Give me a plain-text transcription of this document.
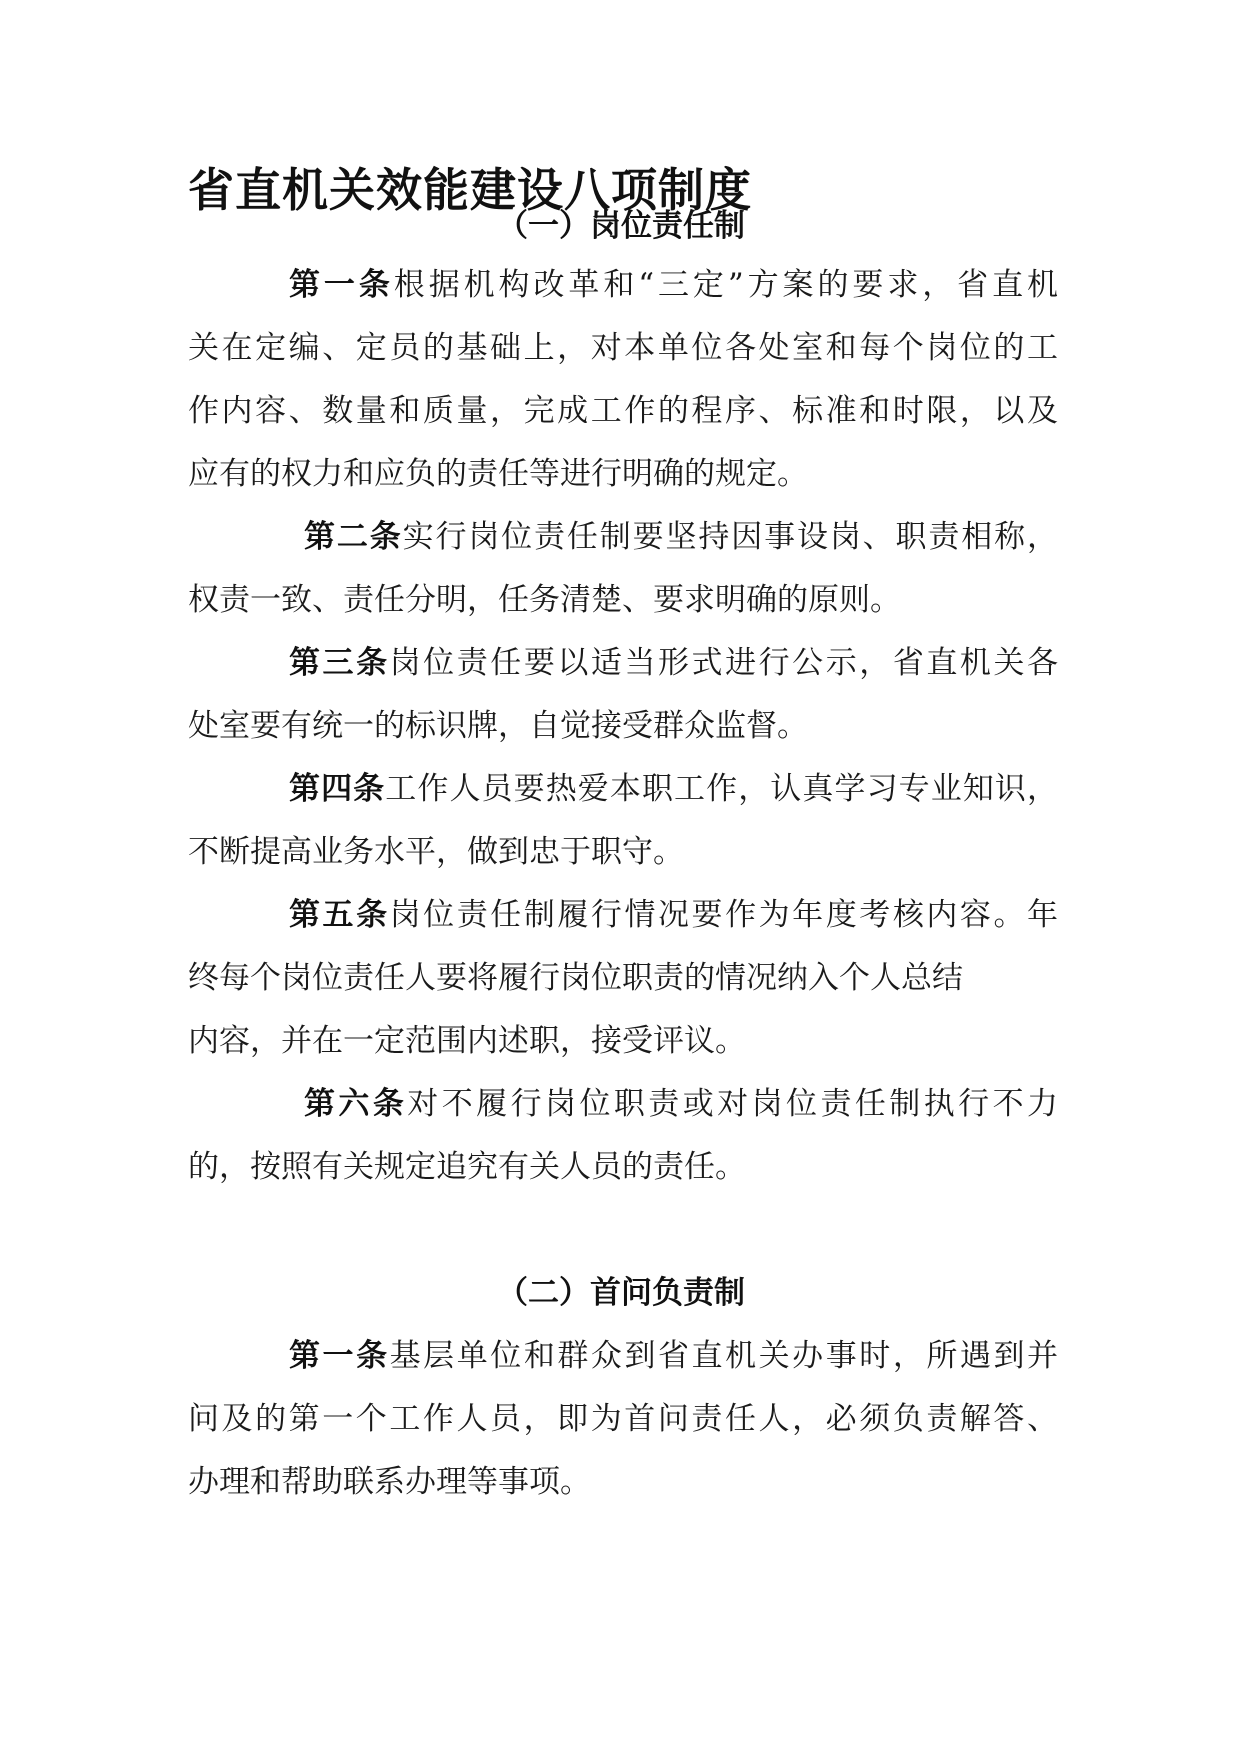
省直机关效能建设八项制度
（一）岗位责任制
第一条根据机构改革和“三定”方案的要求，省直机
关在定编、定员的基础上，对本单位各处室和每个岗位的工
作内容、数量和质量，完成工作的程序、标准和时限，以及
应有的权力和应负的责任等进行明确的规定。
第二条实行岗位责任制要坚持因事设岗、职责相称，
权责一致、责任分明，任务清楚、要求明确的原则。
第三条岗位责任要以适当形式进行公示，省直机关各
处室要有统一的标识牌，自觉接受群众监督。
第四条工作人员要热爱本职工作，认真学习专业知识，
不断提高业务水平，做到忠于职守。
第五条岗位责任制履行情况要作为年度考核内容。年
终每个岗位责任人要将履行岗位职责的情况纳入个人总结
内容，并在一定范围内述职，接受评议。
第六条对不履行岗位职责或对岗位责任制执行不力
的，按照有关规定追究有关人员的责任。
（二）首问负责制
第一条基层单位和群众到省直机关办事时，所遇到并
问及的第一个工作人员，即为首问责任人，必须负责解答、
办理和帮助联系办理等事项。
